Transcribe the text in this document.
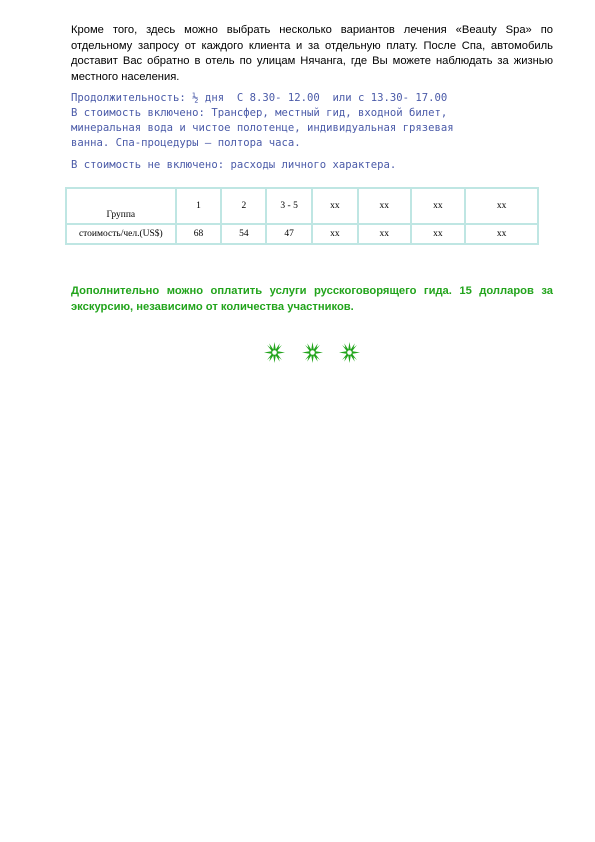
Кроме того, здесь можно выбрать несколько вариантов лечения «Beauty Spa» по отдельному запросу от каждого клиента и за отдельную плату. После Спа, автомобиль доставит Вас обратно в отель по улицам Нячанга, где Вы можете наблюдать за жизнью местного населения.

Продолжительность: ½ дня  С 8.30- 12.00  или с 13.30- 17.00
В стоимость включено: Трансфер, местный гид, входной билет,
минеральная вода и чистое полотенце, индивидуальная грязевая
ванна. Спа-процедуры – полтора часа.
В стоимость не включено: расходы личного характера.
Группа	1	2	3 - 5	xx	xx	xx	xx
стоимость/чел.(US$)	68	54	47	xx	xx	xx	xx

Дополнительно можно оплатить услуги русскоговорящего гида. 15 долларов за экскурсию, независимо от количества участников.
